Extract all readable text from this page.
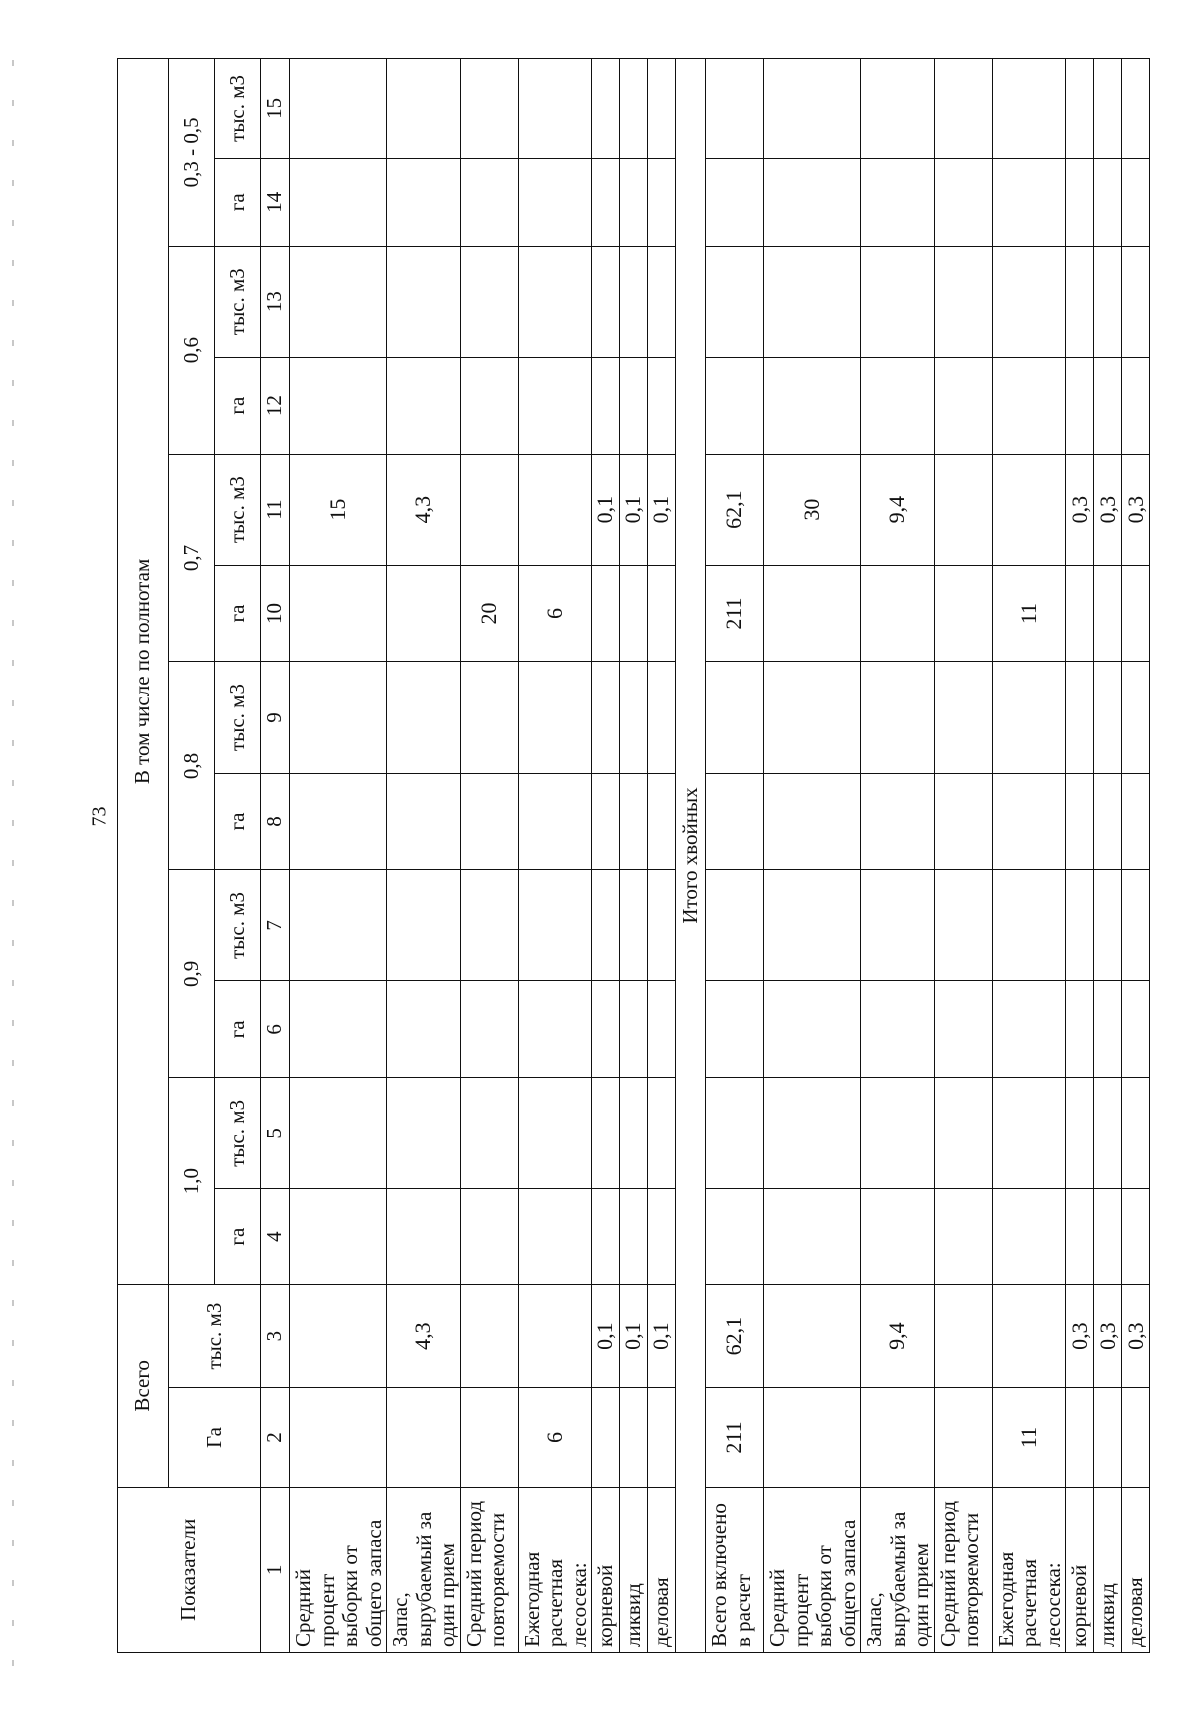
73
Показатели	Всего		В том числе по полнотам											
	Га	тыс. м3	1,0		0,9		0,8		0,7		0,6		0,3 - 0,5	
			га	тыс. м3	га	тыс. м3	га	тыс. м3	га	тыс. м3	га	тыс. м3	га	тыс. м3
1	2	3	4	5	6	7	8	9	10	11	12	13	14	15
Средний процент выборки от общего запаса										15				
Запас, вырубаемый за один прием		4,3								4,3				
Средний период повторяемости									20					
Ежегодная расчетная лесосека:	6								6					
корневой		0,1								0,1				
ликвид		0,1								0,1				
деловая		0,1								0,1				
Итого хвойных														
Всего включено в расчет	211	62,1							211	62,1				
Средний процент выборки от общего запаса										30				
Запас, вырубаемый за один прием		9,4								9,4				
Средний период повторяемости														
Ежегодная расчетная лесосека:	11								11					
корневой		0,3								0,3				
ликвид		0,3								0,3				
деловая		0,3								0,3				
